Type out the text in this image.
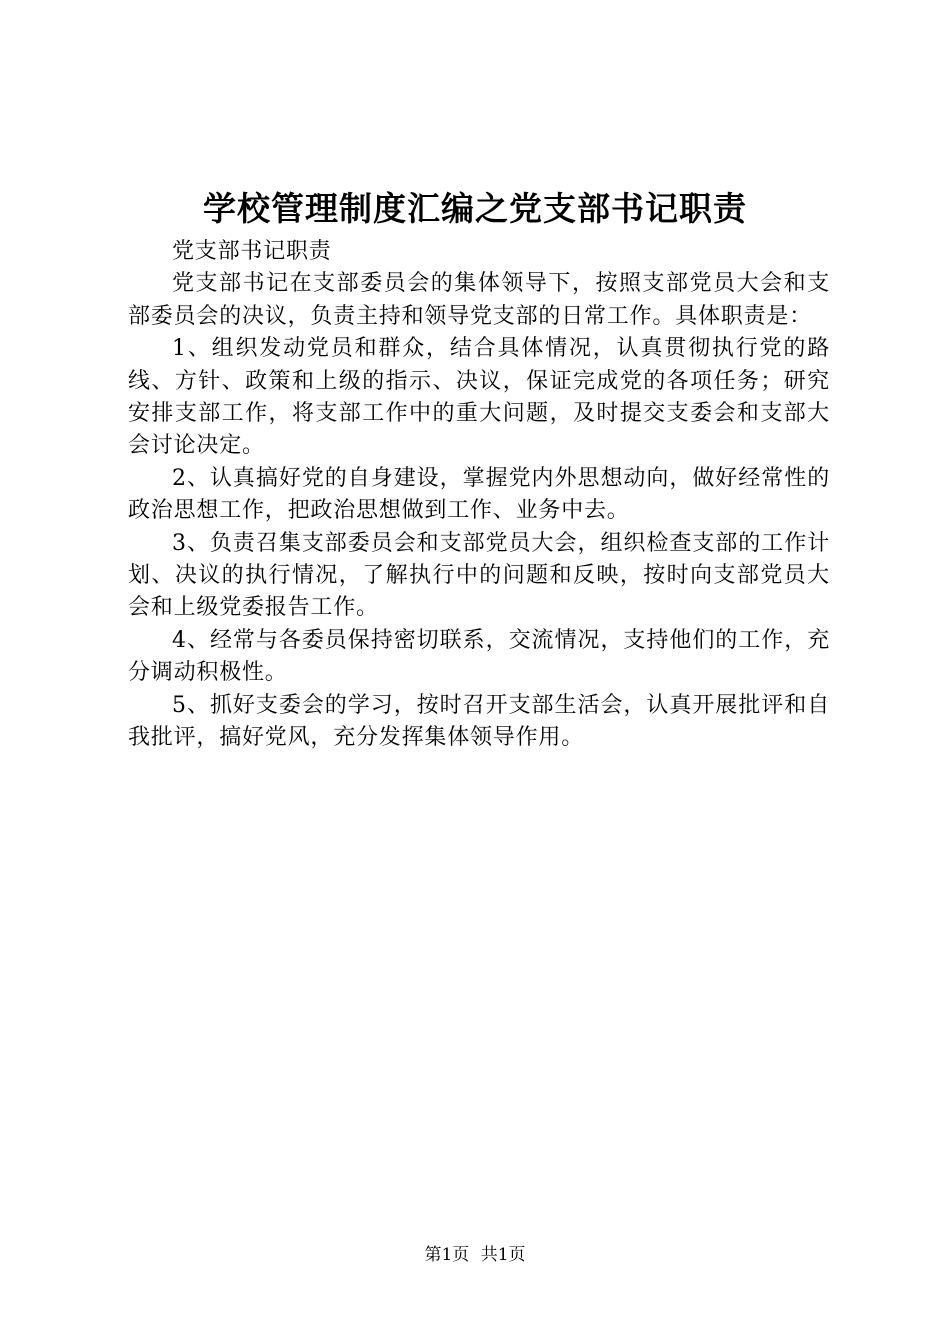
学校管理制度汇编之党支部书记职责

党支部书记职责

党支部书记在支部委员会的集体领导下，按照支部党员大会和支部委员会的决议，负责主持和领导党支部的日常工作。具体职责是：

1、组织发动党员和群众，结合具体情况，认真贯彻执行党的路线、方针、政策和上级的指示、决议，保证完成党的各项任务；研究安排支部工作，将支部工作中的重大问题，及时提交支委会和支部大会讨论决定。

2、认真搞好党的自身建设，掌握党内外思想动向，做好经常性的政治思想工作，把政治思想做到工作、业务中去。

3、负责召集支部委员会和支部党员大会，组织检查支部的工作计划、决议的执行情况，了解执行中的问题和反映，按时向支部党员大会和上级党委报告工作。

4、经常与各委员保持密切联系，交流情况，支持他们的工作，充分调动积极性。

5、抓好支委会的学习，按时召开支部生活会，认真开展批评和自我批评，搞好党风，充分发挥集体领导作用。

第1页 共1页
